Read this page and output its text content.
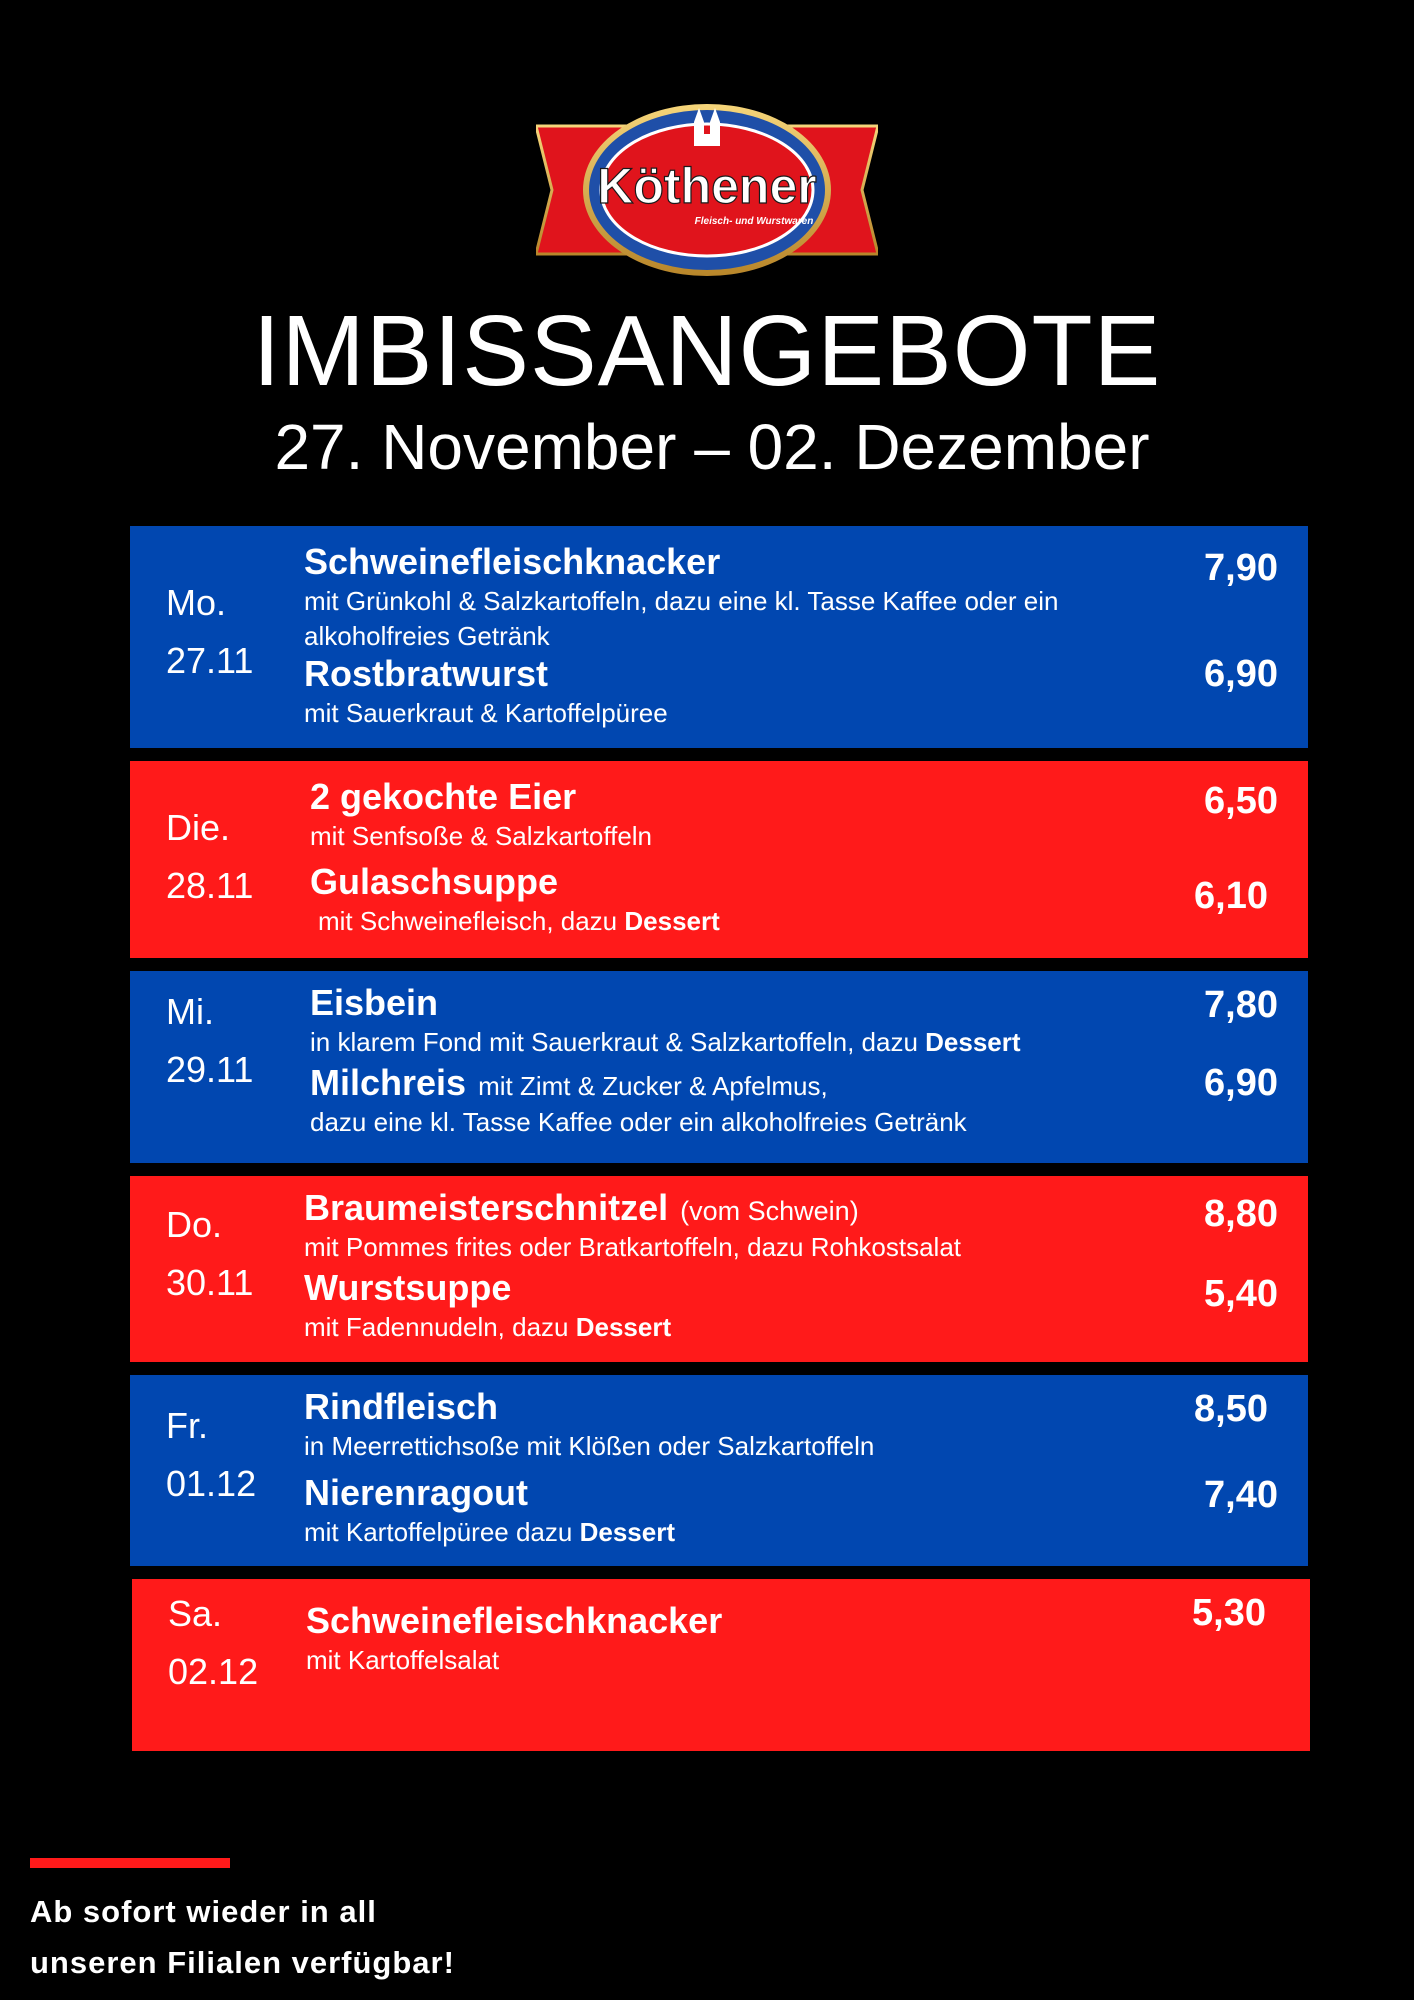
Köthener
Fleisch- und Wurstwaren
IMBISSANGEBOTE
27. November – 02. Dezember
Mo.
27.11
Schweinefleischknacker
mit Grünkohl & Salzkartoffeln, dazu eine kl. Tasse Kaffee oder ein alkoholfreies Getränk
7,90
Rostbratwurst
mit Sauerkraut & Kartoffelpüree
6,90
Die.
28.11
2 gekochte Eier
mit Senfsoße & Salzkartoffeln
6,50
Gulaschsuppe
mit Schweinefleisch, dazu Dessert
6,10
Mi.
29.11
Eisbein
in klarem Fond mit Sauerkraut & Salzkartoffeln, dazu Dessert
7,80
Milchreis mit Zimt & Zucker & Apfelmus,
dazu eine kl. Tasse Kaffee oder ein alkoholfreies Getränk
6,90
Do.
30.11
Braumeisterschnitzel (vom Schwein)
mit Pommes frites oder Bratkartoffeln, dazu Rohkostsalat
8,80
Wurstsuppe
mit Fadennudeln, dazu Dessert
5,40
Fr.
01.12
Rindfleisch
in Meerrettichsoße mit Klößen oder Salzkartoffeln
8,50
Nierenragout
mit Kartoffelpüree dazu Dessert
7,40
Sa.
02.12
Schweinefleischknacker
mit Kartoffelsalat
5,30
Ab sofort wieder in all
unseren Filialen verfügbar!
